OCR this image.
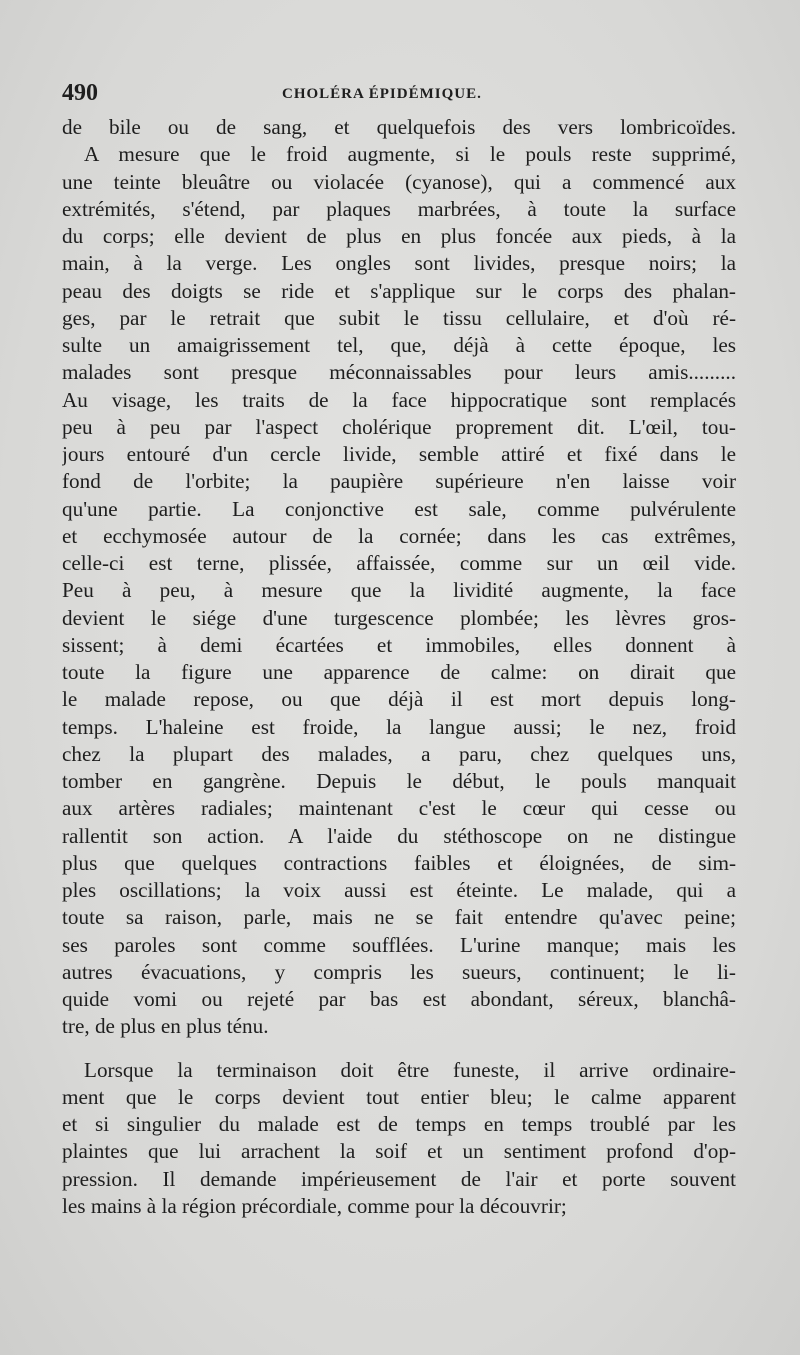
490	CHOLÉRA ÉPIDÉMIQUE.
de bile ou de sang, et quelquefois des vers lombricoïdes.
A mesure que le froid augmente, si le pouls reste supprimé,
une teinte bleuâtre ou violacée (cyanose), qui a commencé aux
extrémités, s'étend, par plaques marbrées, à toute la surface
du corps; elle devient de plus en plus foncée aux pieds, à la
main, à la verge. Les ongles sont livides, presque noirs; la
peau des doigts se ride et s'applique sur le corps des phalan-
ges, par le retrait que subit le tissu cellulaire, et d'où ré-
sulte un amaigrissement tel, que, déjà à cette époque, les
malades sont presque méconnaissables pour leurs amis.........
Au visage, les traits de la face hippocratique sont remplacés
peu à peu par l'aspect cholérique proprement dit. L'œil, tou-
jours entouré d'un cercle livide, semble attiré et fixé dans le
fond de l'orbite; la paupière supérieure n'en laisse voir
qu'une partie. La conjonctive est sale, comme pulvérulente
et ecchymosée autour de la cornée; dans les cas extrêmes,
celle-ci est terne, plissée, affaissée, comme sur un œil vide.
Peu à peu, à mesure que la lividité augmente, la face
devient le siége d'une turgescence plombée; les lèvres gros-
sissent; à demi écartées et immobiles, elles donnent à
toute la figure une apparence de calme: on dirait que
le malade repose, ou que déjà il est mort depuis long-
temps. L'haleine est froide, la langue aussi; le nez, froid
chez la plupart des malades, a paru, chez quelques uns,
tomber en gangrène. Depuis le début, le pouls manquait
aux artères radiales; maintenant c'est le cœur qui cesse ou
rallentit son action. A l'aide du stéthoscope on ne distingue
plus que quelques contractions faibles et éloignées, de sim-
ples oscillations; la voix aussi est éteinte. Le malade, qui a
toute sa raison, parle, mais ne se fait entendre qu'avec peine;
ses paroles sont comme soufflées. L'urine manque; mais les
autres évacuations, y compris les sueurs, continuent; le li-
quide vomi ou rejeté par bas est abondant, séreux, blanchâ-
tre, de plus en plus ténu.
Lorsque la terminaison doit être funeste, il arrive ordinaire-
ment que le corps devient tout entier bleu; le calme apparent
et si singulier du malade est de temps en temps troublé par les
plaintes que lui arrachent la soif et un sentiment profond d'op-
pression. Il demande impérieusement de l'air et porte souvent
les mains à la région précordiale, comme pour la découvrir;
